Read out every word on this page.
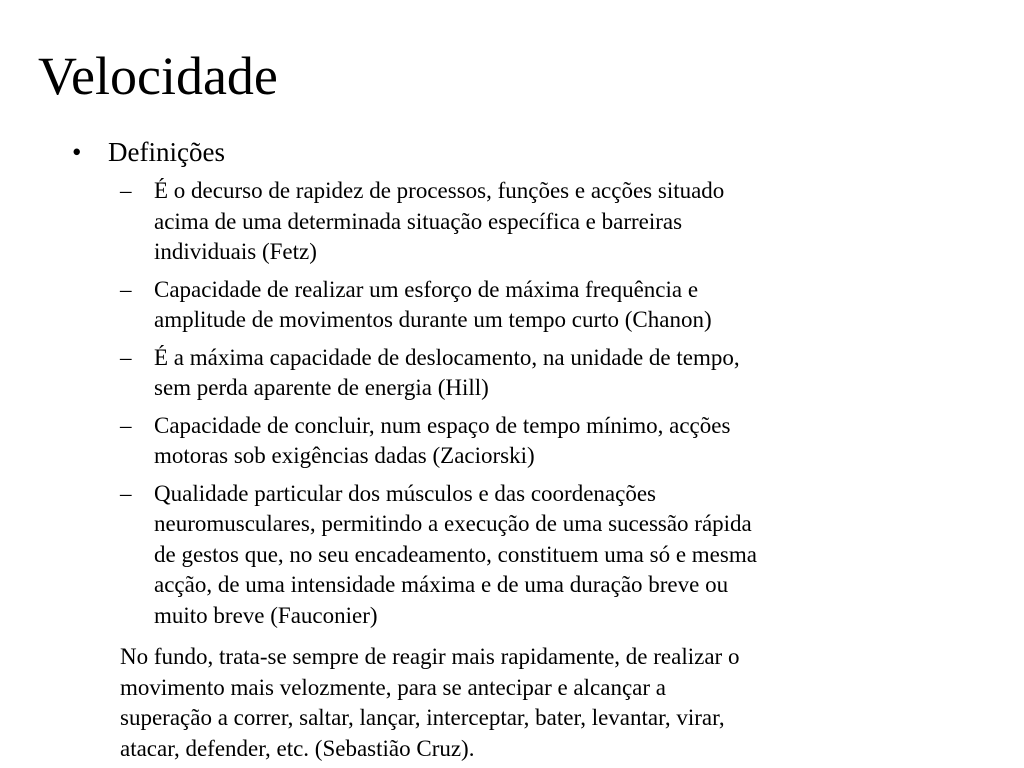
Velocidade
• Definições
– É o decurso de rapidez de processos, funções e acções situado
acima de uma determinada situação específica e barreiras
individuais (Fetz)
– Capacidade de realizar um esforço de máxima frequência e
amplitude de movimentos durante um tempo curto (Chanon)
– É a máxima capacidade de deslocamento, na unidade de tempo,
sem perda aparente de energia (Hill)
– Capacidade de concluir, num espaço de tempo mínimo, acções
motoras sob exigências dadas (Zaciorski)
– Qualidade particular dos músculos e das coordenações
neuromusculares, permitindo a execução de uma sucessão rápida
de gestos que, no seu encadeamento, constituem uma só e mesma
acção, de uma intensidade máxima e de uma duração breve ou
muito breve (Fauconier)
No fundo, trata-se sempre de reagir mais rapidamente, de realizar o
movimento mais velozmente, para se antecipar e alcançar a
superação a correr, saltar, lançar, interceptar, bater, levantar, virar,
atacar, defender, etc. (Sebastião Cruz).
